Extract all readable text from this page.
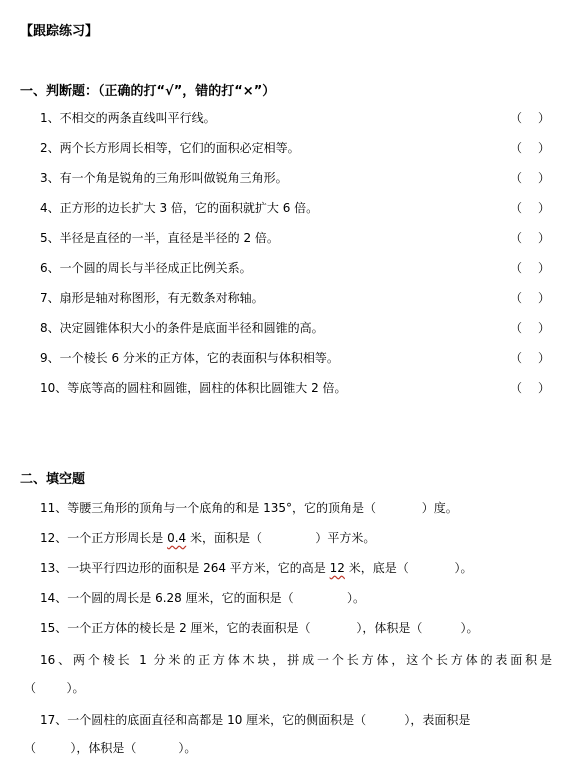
【跟踪练习】
一、判断题：（正确的打“√”，错的打“×”）
1、不相交的两条直线叫平行线。	（ ）
2、两个长方形周长相等，它们的面积必定相等。	（ ）
3、有一个角是锐角的三角形叫做锐角三角形。	（ ）
4、正方形的边长扩大 3 倍，它的面积就扩大 6 倍。	（ ）
5、半径是直径的一半，直径是半径的 2 倍。	（ ）
6、一个圆的周长与半径成正比例关系。	（ ）
7、扇形是轴对称图形，有无数条对称轴。	（ ）
8、决定圆锥体积大小的条件是底面半径和圆锥的高。	（ ）
9、一个棱长 6 分米的正方体，它的表面积与体积相等。	（ ）
10、等底等高的圆柱和圆锥，圆柱的体积比圆锥大 2 倍。	（ ）
二、填空题
11、等腰三角形的顶角与一个底角的和是 135°，它的顶角是（	）度。
12、一个正方形周长是 0.4 米，面积是（	）平方米。
13、一块平行四边形的面积是 264 平方米，它的高是 12 米，底是（	）。
14、一个圆的周长是 6.28 厘米，它的面积是（	）。
15、一个正方体的棱长是 2 厘米，它的表面积是（	），体积是（	）。
16、两个棱长 1 分米的正方体木块，拼成一个长方体，这个长方体的表面积是
（	）。
17、一个圆柱的底面直径和高都是 10 厘米，它的侧面积是（	），表面积是
（	），体积是（	）。
